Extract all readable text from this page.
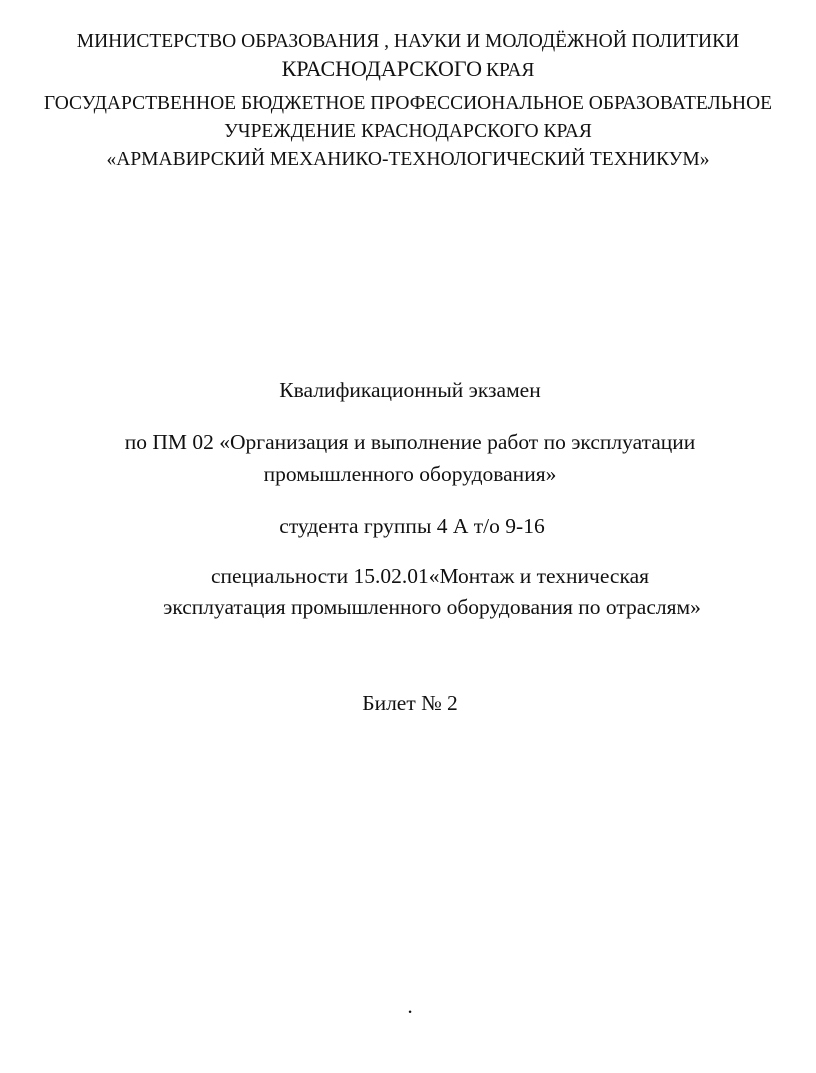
МИНИСТЕРСТВО ОБРАЗОВАНИЯ , НАУКИ И МОЛОДЁЖНОЙ ПОЛИТИКИ
КРАСНОДАРСКОГО КРАЯ
ГОСУДАРСТВЕННОЕ БЮДЖЕТНОЕ ПРОФЕССИОНАЛЬНОЕ ОБРАЗОВАТЕЛЬНОЕ
УЧРЕЖДЕНИЕ КРАСНОДАРСКОГО КРАЯ
«АРМАВИРСКИЙ МЕХАНИКО-ТЕХНОЛОГИЧЕСКИЙ ТЕХНИКУМ»
Квалификационный экзамен
по ПМ 02 «Организация и выполнение работ по эксплуатации
промышленного оборудования»
студента группы 4 А т/о 9-16
специальности 15.02.01«Монтаж и техническая
эксплуатация промышленного оборудования по отраслям»
Билет № 2
.
